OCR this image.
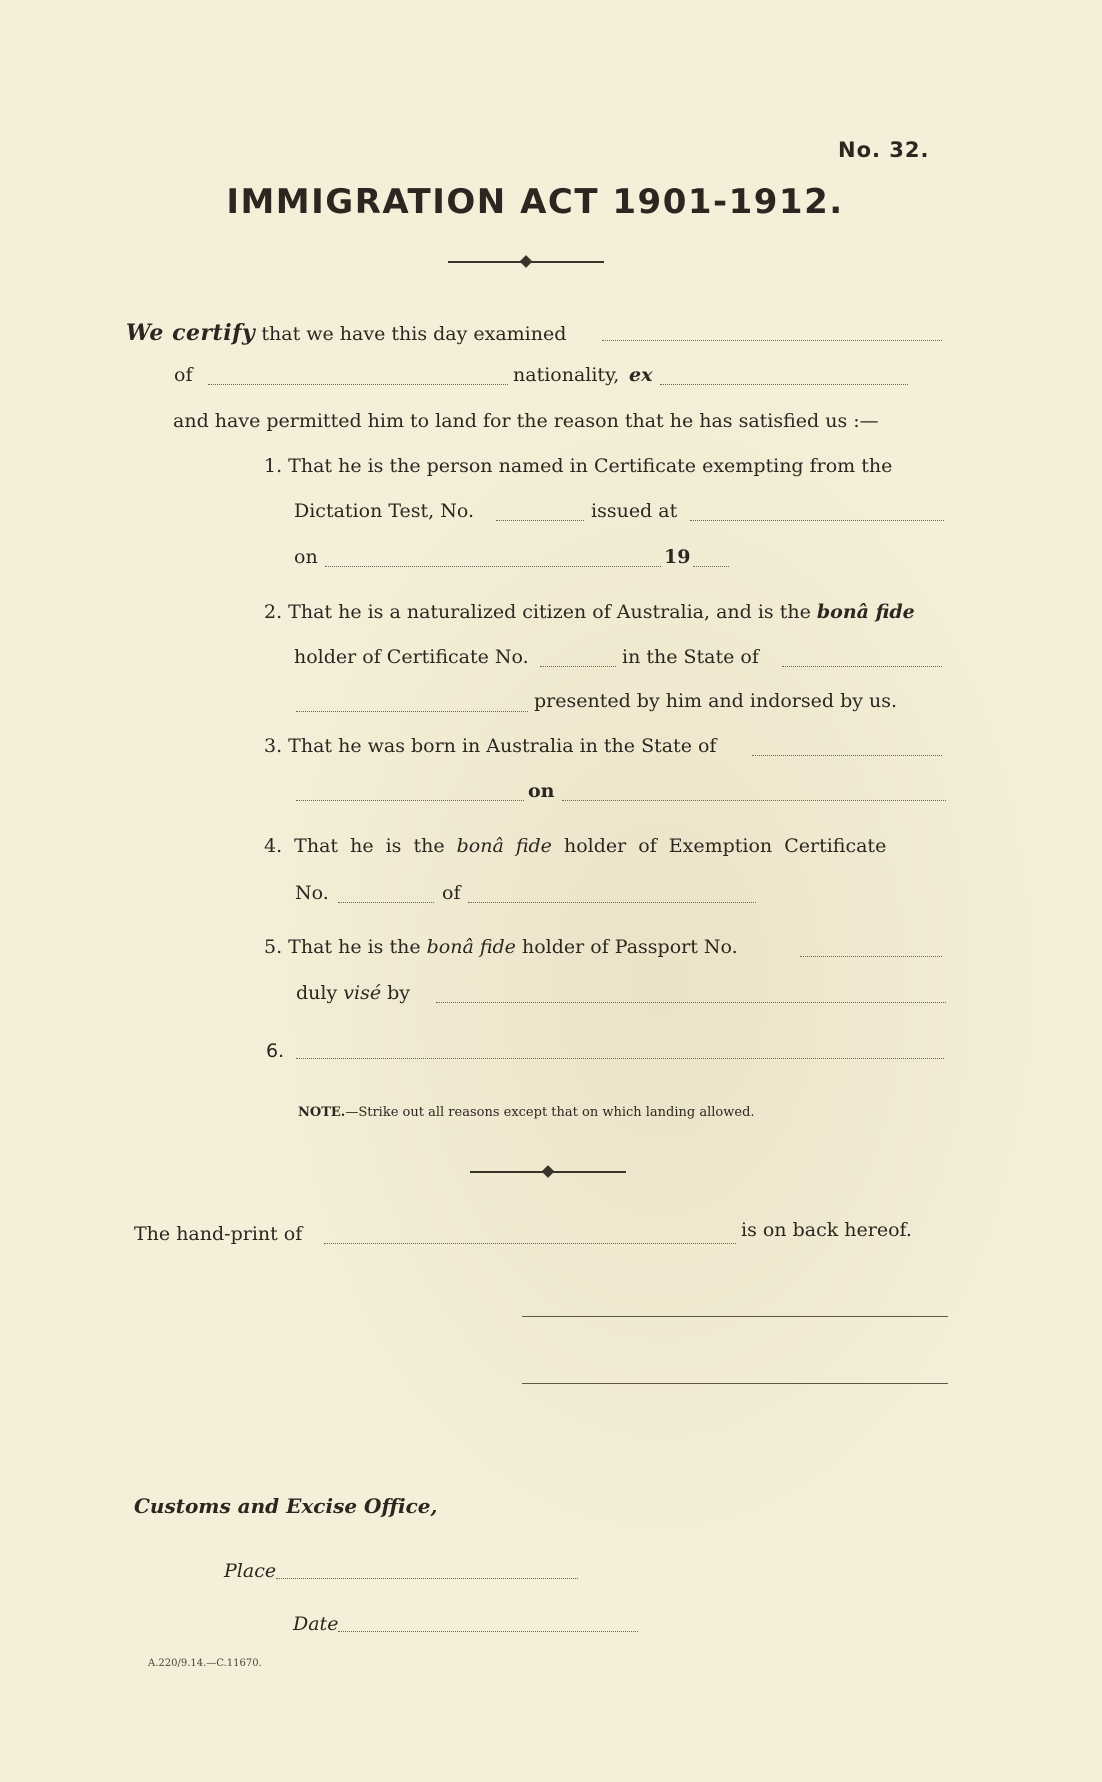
No. 32.
IMMIGRATION ACT 1901-1912.
We certify that we have this day examined
of	nationality, ex
and have permitted him to land for the reason that he has satisfied us :—
1. That he is the person named in Certificate exempting from the
Dictation Test, No.	issued at
on	19
2. That he is a naturalized citizen of Australia, and is the bonâ fide
holder of Certificate No.	in the State of
presented by him and indorsed by us.
3. That he was born in Australia in the State of
on
4. That he is the bonâ fide holder of Exemption Certificate
No.	of
5. That he is the bonâ fide holder of Passport No.
duly visé by
6.
NOTE.—Strike out all reasons except that on which landing allowed.
The hand-print of	is on back hereof.
Customs and Excise Office,
Place
Date
A.220/9.14.—C.11670.
